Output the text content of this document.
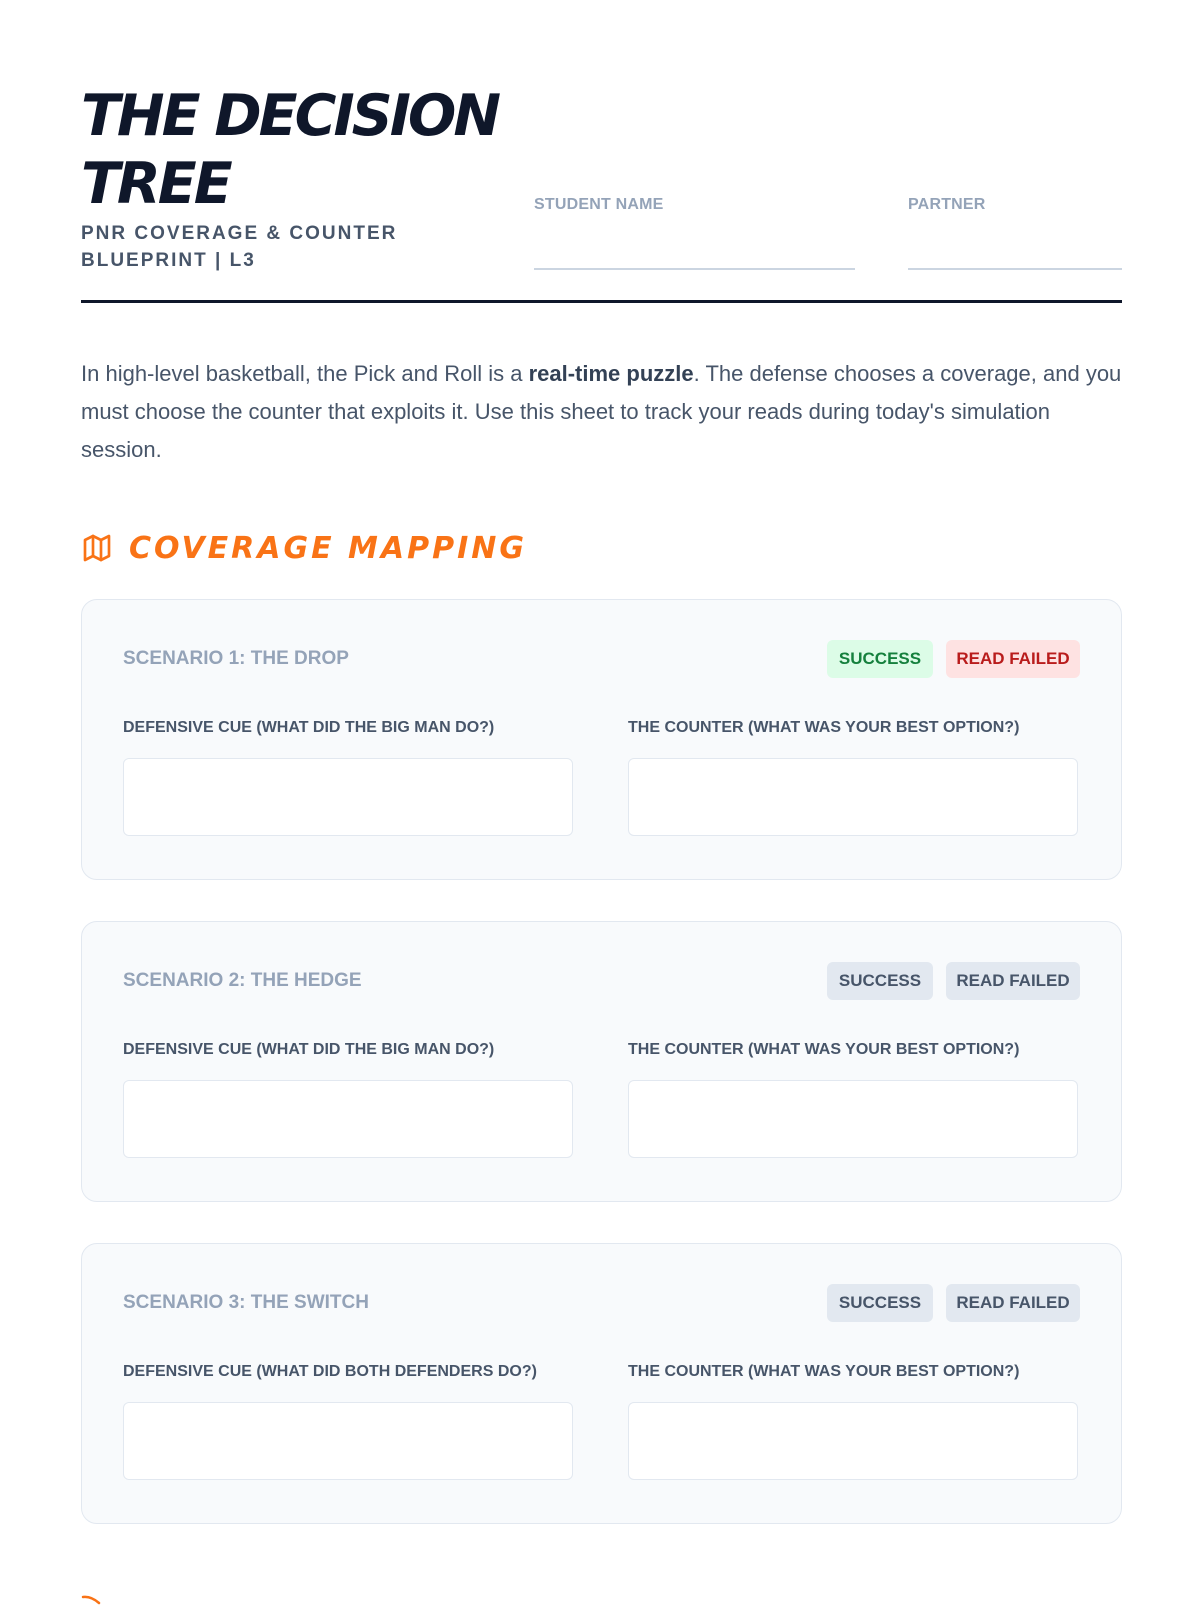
THE DECISION TREE
PNR COVERAGE & COUNTER BLUEPRINT | L3
STUDENT NAME	PARTNER

In high-level basketball, the Pick and Roll is a real-time puzzle. The defense chooses a coverage, and you must choose the counter that exploits it. Use this sheet to track your reads during today's simulation session.

COVERAGE MAPPING
SCENARIO 1: THE DROP	SUCCESS	READ FAILED
DEFENSIVE CUE (WHAT DID THE BIG MAN DO?)	THE COUNTER (WHAT WAS YOUR BEST OPTION?)
SCENARIO 2: THE HEDGE	SUCCESS	READ FAILED
DEFENSIVE CUE (WHAT DID THE BIG MAN DO?)	THE COUNTER (WHAT WAS YOUR BEST OPTION?)
SCENARIO 3: THE SWITCH	SUCCESS	READ FAILED
DEFENSIVE CUE (WHAT DID BOTH DEFENDERS DO?)	THE COUNTER (WHAT WAS YOUR BEST OPTION?)
